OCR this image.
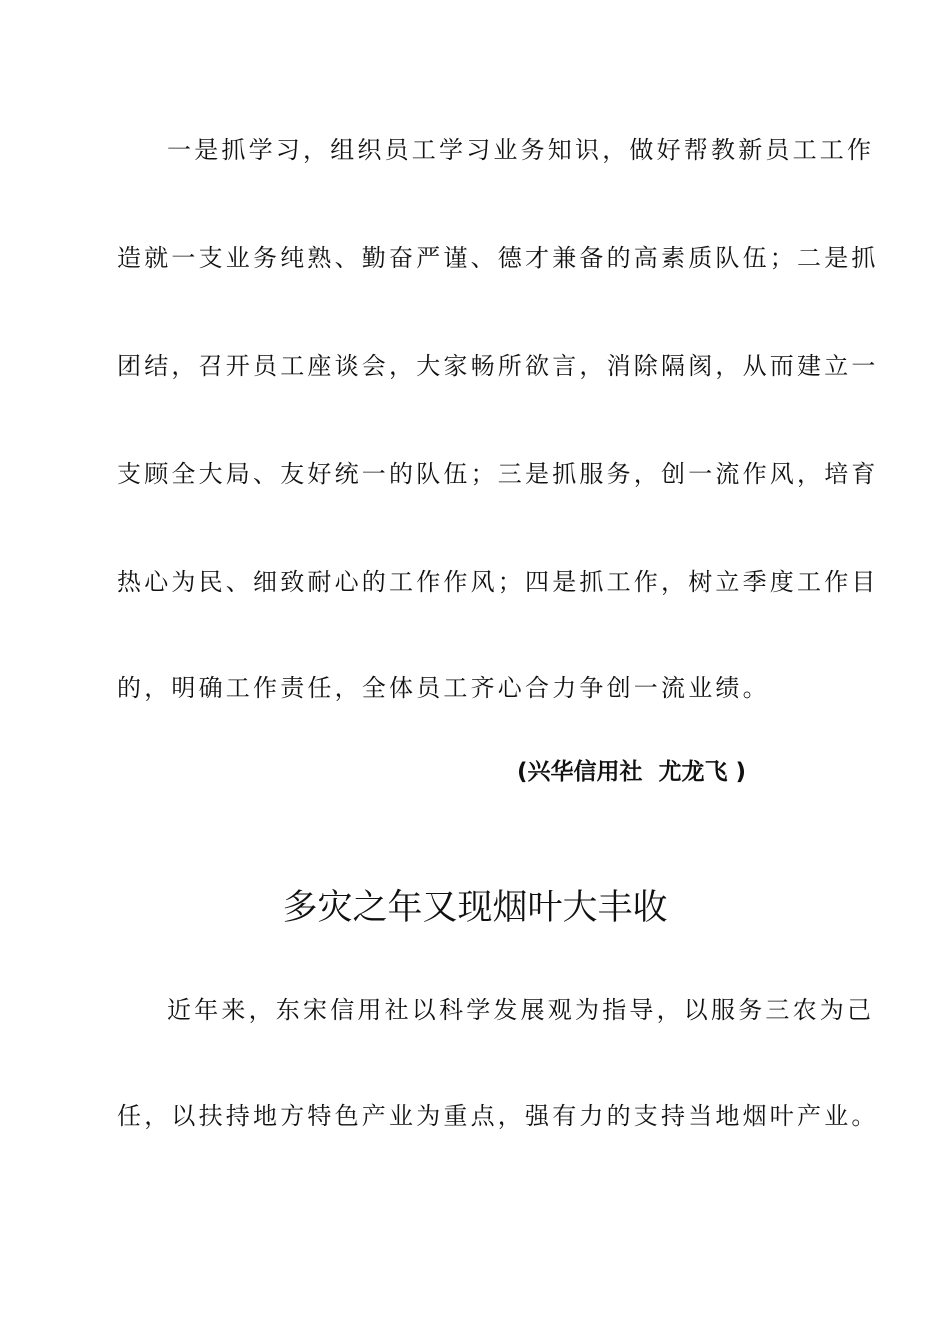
一是抓学习，组织员工学习业务知识，做好帮教新员工工作
造就一支业务纯熟、勤奋严谨、德才兼备的高素质队伍；二是抓
团结，召开员工座谈会，大家畅所欲言，消除隔阂，从而建立一
支顾全大局、友好统一的队伍；三是抓服务，创一流作风，培育
热心为民、细致耐心的工作作风；四是抓工作，树立季度工作目
的，明确工作责任，全体员工齐心合力争创一流业绩。
(兴华信用社  尤龙飞 )
多灾之年又现烟叶大丰收
近年来，东宋信用社以科学发展观为指导，以服务三农为己
任，以扶持地方特色产业为重点，强有力的支持当地烟叶产业。
